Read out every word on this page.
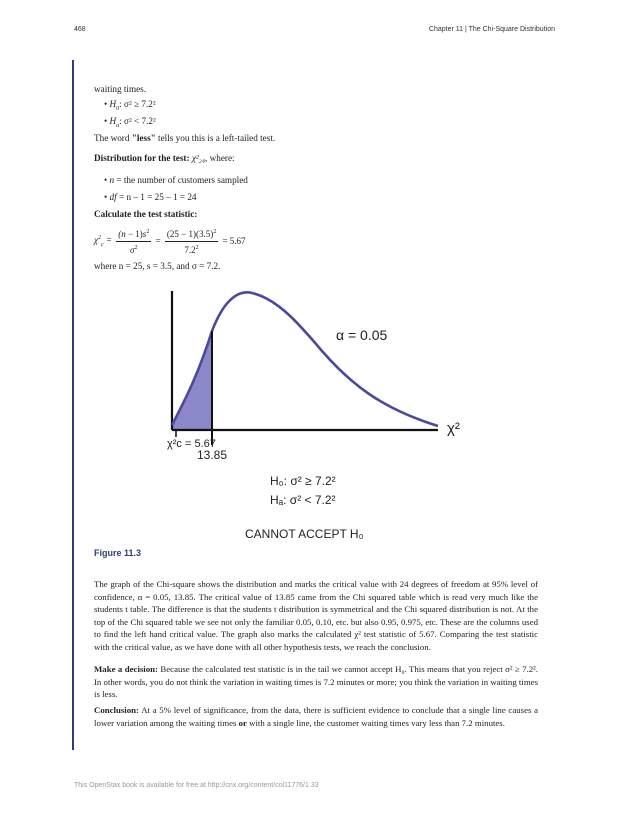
468	Chapter 11 | The Chi-Square Distribution
waiting times.
• $H_0$: σ² ≥ 7.2²
• $H_a$: σ² < 7.2²
The word "less" tells you this is a left-tailed test.
Distribution for the test: χ²₂₄, where:
• n = the number of customers sampled
• df = n – 1 = 25 – 1 = 24
Calculate the test statistic:
$\chi^2_c = \frac{(n - 1)s^2}{\sigma^2} = \frac{(25 - 1)(3.5)^2}{7.2^2} = 5.67$
where n = 25, s = 3.5, and σ = 7.2.
α = 0.05
χ²
χ²c = 5.67
13.85
H₀: σ² ≥ 7.2²
Hₐ: σ² < 7.2²
CANNOT ACCEPT H₀
Figure 11.3
The graph of the Chi-square shows the distribution and marks the critical value with 24 degrees of freedom at 95% level of confidence, α = 0.05, 13.85. The critical value of 13.85 came from the Chi squared table which is read very much like the students t table. The difference is that the students t distribution is symmetrical and the Chi squared distribution is not. At the top of the Chi squared table we see not only the familiar 0.05, 0.10, etc. but also 0.95, 0.975, etc. These are the columns used to find the left hand critical value. The graph also marks the calculated χ² test statistic of 5.67. Comparing the test statistic with the critical value, as we have done with all other hypothesis tests, we reach the conclusion.
Make a decision: Because the calculated test statistic is in the tail we cannot accept H₀. This means that you reject σ² ≥ 7.2². In other words, you do not think the variation in waiting times is 7.2 minutes or more; you think the variation in waiting times is less.
Conclusion: At a 5% level of significance, from the data, there is sufficient evidence to conclude that a single line causes a lower variation among the waiting times or with a single line, the customer waiting times vary less than 7.2 minutes.
This OpenStax book is available for free at http://cnx.org/content/col11776/1.33
